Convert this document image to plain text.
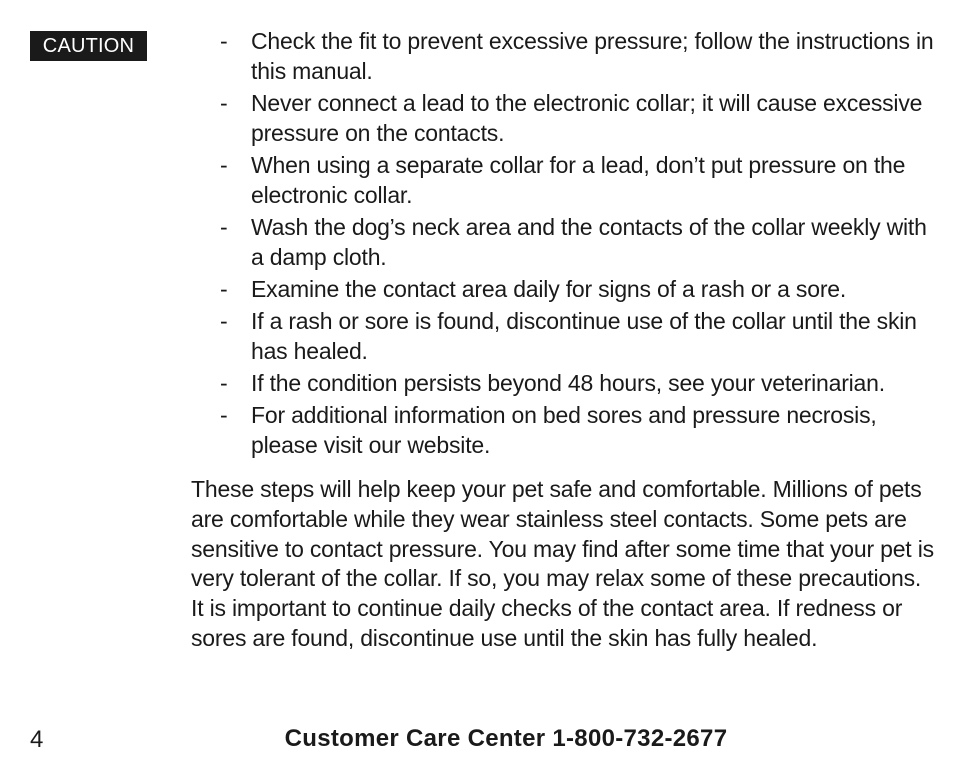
CAUTION	-	Check the fit to prevent excessive pressure; follow the instructions in this manual.
-	Never connect a lead to the electronic collar; it will cause excessive pressure on the contacts.
-	When using a separate collar for a lead, don’t put pressure on the electronic collar.
-	Wash the dog’s neck area and the contacts of the collar weekly with a damp cloth.
-	Examine the contact area daily for signs of a rash or a sore.
-	If a rash or sore is found, discontinue use of the collar until the skin has healed.
-	If the condition persists beyond 48 hours, see your veterinarian.
-	For additional information on bed sores and pressure necrosis, please visit our website.

These steps will help keep your pet safe and comfortable. Millions of pets are comfortable while they wear stainless steel contacts. Some pets are sensitive to contact pressure. You may find after some time that your pet is very tolerant of the collar. If so, you may relax some of these precautions. It is important to continue daily checks of the contact area. If redness or sores are found, discontinue use until the skin has fully healed.

4	Customer Care Center 1-800-732-2677
